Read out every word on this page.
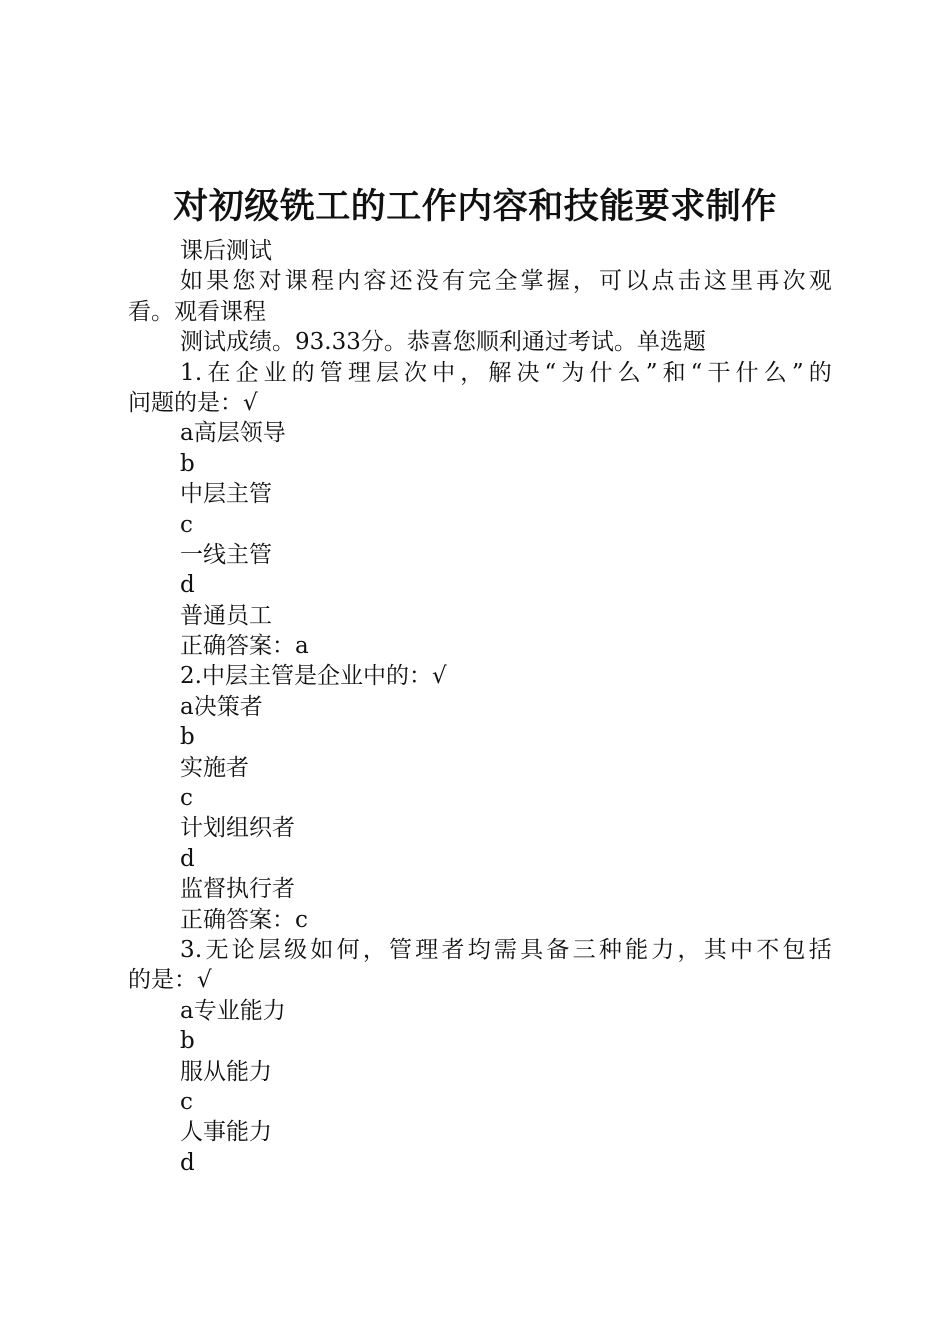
对初级铣工的工作内容和技能要求制作
课后测试
如果您对课程内容还没有完全掌握，可以点击这里再次观
看。观看课程
测试成绩。93.33分。恭喜您顺利通过考试。单选题
1.在企业的管理层次中，解决“为什么”和“干什么”的
问题的是：√
a高层领导
b
中层主管
c
一线主管
d
普通员工
正确答案：a
2.中层主管是企业中的：√
a决策者
b
实施者
c
计划组织者
d
监督执行者
正确答案：c
3.无论层级如何，管理者均需具备三种能力，其中不包括
的是：√
a专业能力
b
服从能力
c
人事能力
d
